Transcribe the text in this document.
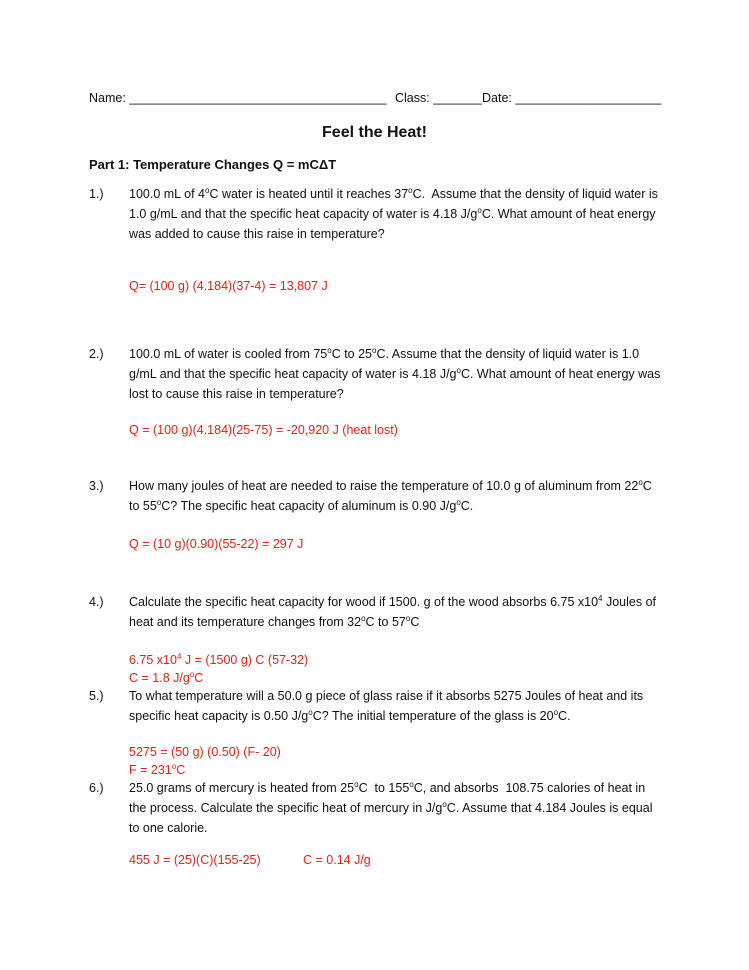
Name: _____________________________________ Class: _______ Date: _____________________
Feel the Heat!
Part 1: Temperature Changes Q = mCΔT
1.)	100.0 mL of 4$^o$C water is heated until it reaches 37$^o$C.  Assume that the density of liquid water is 1.0 g/mL and that the specific heat capacity of water is 4.18 $J/g^oC$. What amount of heat energy was added to cause this raise in temperature?
Q= (100 g) (4.184)(37-4) = 13,807 J
2.)	100.0 mL of water is cooled from 75$^o$C to 25$^o$C. Assume that the density of liquid water is 1.0 g/mL and that the specific heat capacity of water is 4.18 $J/g^oC$. What amount of heat energy was lost to cause this raise in temperature?
Q = (100 g)(4.184)(25-75) = -20,920 J (heat lost)
3.)	How many joules of heat are needed to raise the temperature of 10.0 g of aluminum from 22$^o$C to 55$^o$C? The specific heat capacity of aluminum is 0.90 $J/g^oC$.
Q = (10 g)(0.90)(55-22) = 297 J
4.)	Calculate the specific heat capacity for wood if 1500. g of the wood absorbs 6.75 $x10^4$ Joules of heat and its temperature changes from 32$^o$C to 57$^o$C
6.75 $x10^4$ J = (1500 g) C (57-32)
C = 1.8 $J/g^oC$
5.)	To what temperature will a 50.0 g piece of glass raise if it absorbs 5275 Joules of heat and its specific heat capacity is 0.50 $J/g^oC$? The initial temperature of the glass is 20$^o$C.
5275 = (50 g) (0.50) (F- 20)
$F = 231^oC$
6.)	25.0 grams of mercury is heated from 25$^o$C  to 155$^o$C, and absorbs  108.75 calories of heat in the process. Calculate the specific heat of mercury in $J/g^oC$. Assume that 4.184 Joules is equal to one calorie.
455 J = (25)(C)(155-25)	C = 0.14 J/g
